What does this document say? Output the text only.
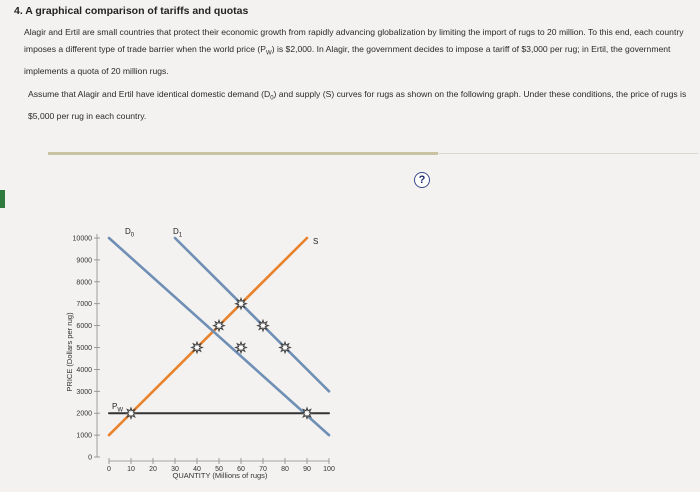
4. A graphical comparison of tariffs and quotas
Alagir and Ertil are small countries that protect their economic growth from rapidly advancing globalization by limiting the import of rugs to 20 million. To this end, each country imposes a different type of trade barrier when the world price $(P_W)$ is $2,000. In Alagir, the government decides to impose a tariff of $3,000 per rug; in Ertil, the government implements a quota of 20 million rugs.
Assume that Alagir and Ertil have identical domestic demand $(D_0)$ and supply (S) curves for rugs as shown on the following graph. Under these conditions, the price of rugs is $5,000 per rug in each country.
?
0
1000
2000
3000
4000
5000
6000
7000
8000
9000
10000
0 10 20 30 40 50 60 70 80 90 100
$D_0$	$D_1$
S
$P_W$
PRICE (Dollars per rug)
QUANTITY (Millions of rugs)
